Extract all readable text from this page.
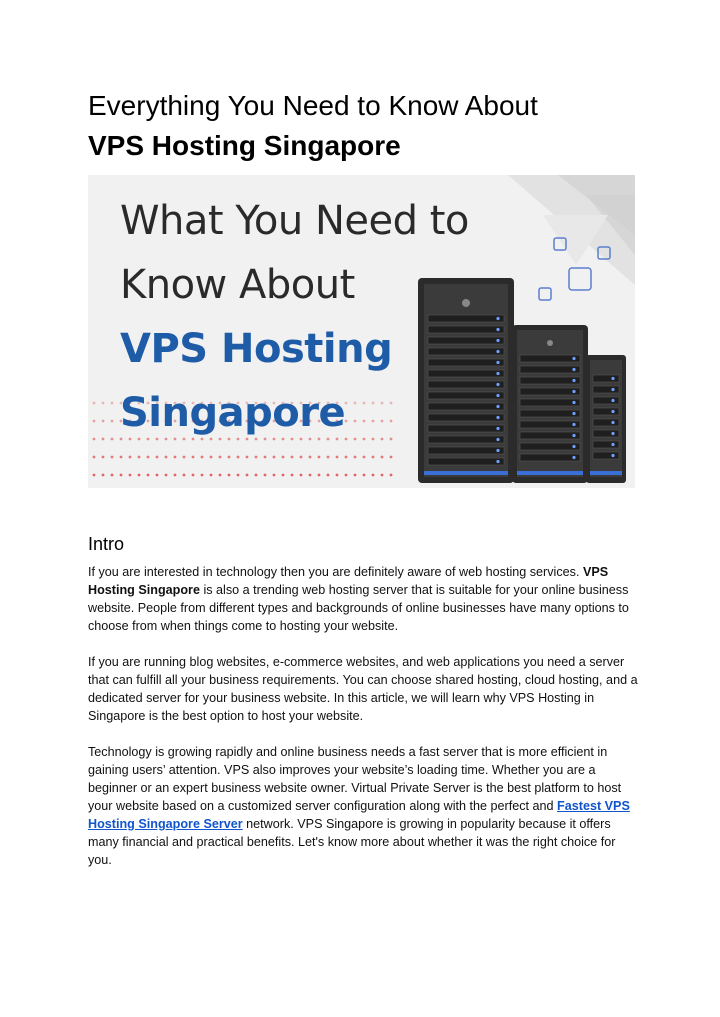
Everything You Need to Know About
VPS Hosting Singapore
What You Need to
Know About
VPS Hosting
Singapore
Intro

If you are interested in technology then you are definitely aware of web hosting services. VPS Hosting Singapore is also a trending web hosting server that is suitable for your online business website. People from different types and backgrounds of online businesses have many options to choose from when things come to hosting your website.

If you are running blog websites, e-commerce websites, and web applications you need a server that can fulfill all your business requirements. You can choose shared hosting, cloud hosting, and a dedicated server for your business website. In this article, we will learn why VPS Hosting in Singapore is the best option to host your website.

Technology is growing rapidly and online business needs a fast server that is more efficient in gaining users’ attention. VPS also improves your website’s loading time. Whether you are a beginner or an expert business website owner. Virtual Private Server is the best platform to host your website based on a customized server configuration along with the perfect and Fastest VPS Hosting Singapore Server network. VPS Singapore is growing in popularity because it offers many financial and practical benefits. Let's know more about whether it was the right choice for you.
